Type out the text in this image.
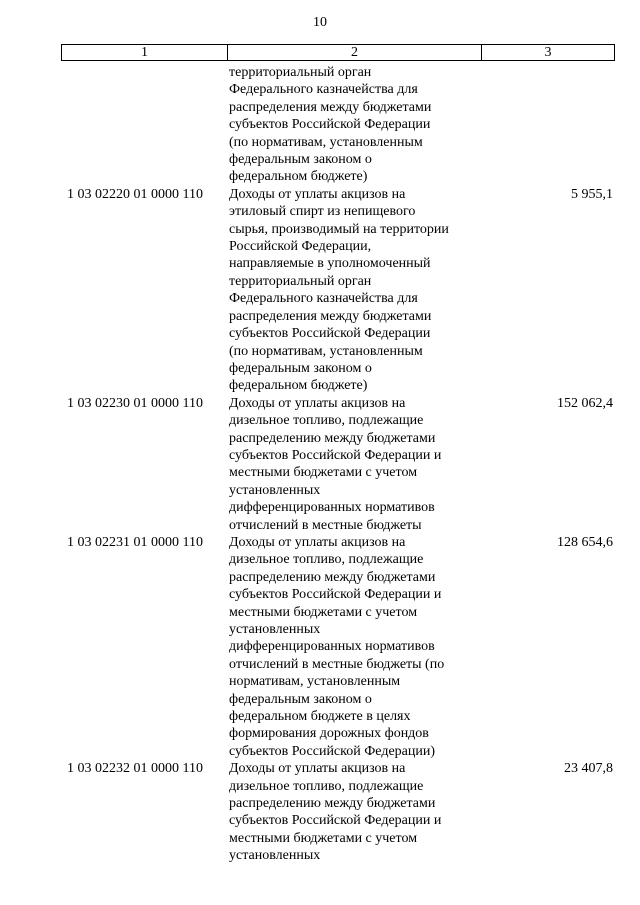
10
1	2	3
территориальный орган
Федерального казначейства для
распределения между бюджетами
субъектов Российской Федерации
(по нормативам, установленным
федеральным законом о
федеральном бюджете)
1 03 02220 01 0000 110	Доходы от уплаты акцизов на
этиловый спирт из непищевого
сырья, производимый на территории
Российской Федерации,
направляемые в уполномоченный
территориальный орган
Федерального казначейства для
распределения между бюджетами
субъектов Российской Федерации
(по нормативам, установленным
федеральным законом о
федеральном бюджете)
5 955,1
1 03 02230 01 0000 110	Доходы от уплаты акцизов на
дизельное топливо, подлежащие
распределению между бюджетами
субъектов Российской Федерации и
местными бюджетами с учетом
установленных
дифференцированных нормативов
отчислений в местные бюджеты
152 062,4
1 03 02231 01 0000 110	Доходы от уплаты акцизов на
дизельное топливо, подлежащие
распределению между бюджетами
субъектов Российской Федерации и
местными бюджетами с учетом
установленных
дифференцированных нормативов
отчислений в местные бюджеты (по
нормативам, установленным
федеральным законом о
федеральном бюджете в целях
формирования дорожных фондов
субъектов Российской Федерации)
128 654,6
1 03 02232 01 0000 110	Доходы от уплаты акцизов на
дизельное топливо, подлежащие
распределению между бюджетами
субъектов Российской Федерации и
местными бюджетами с учетом
установленных
23 407,8
